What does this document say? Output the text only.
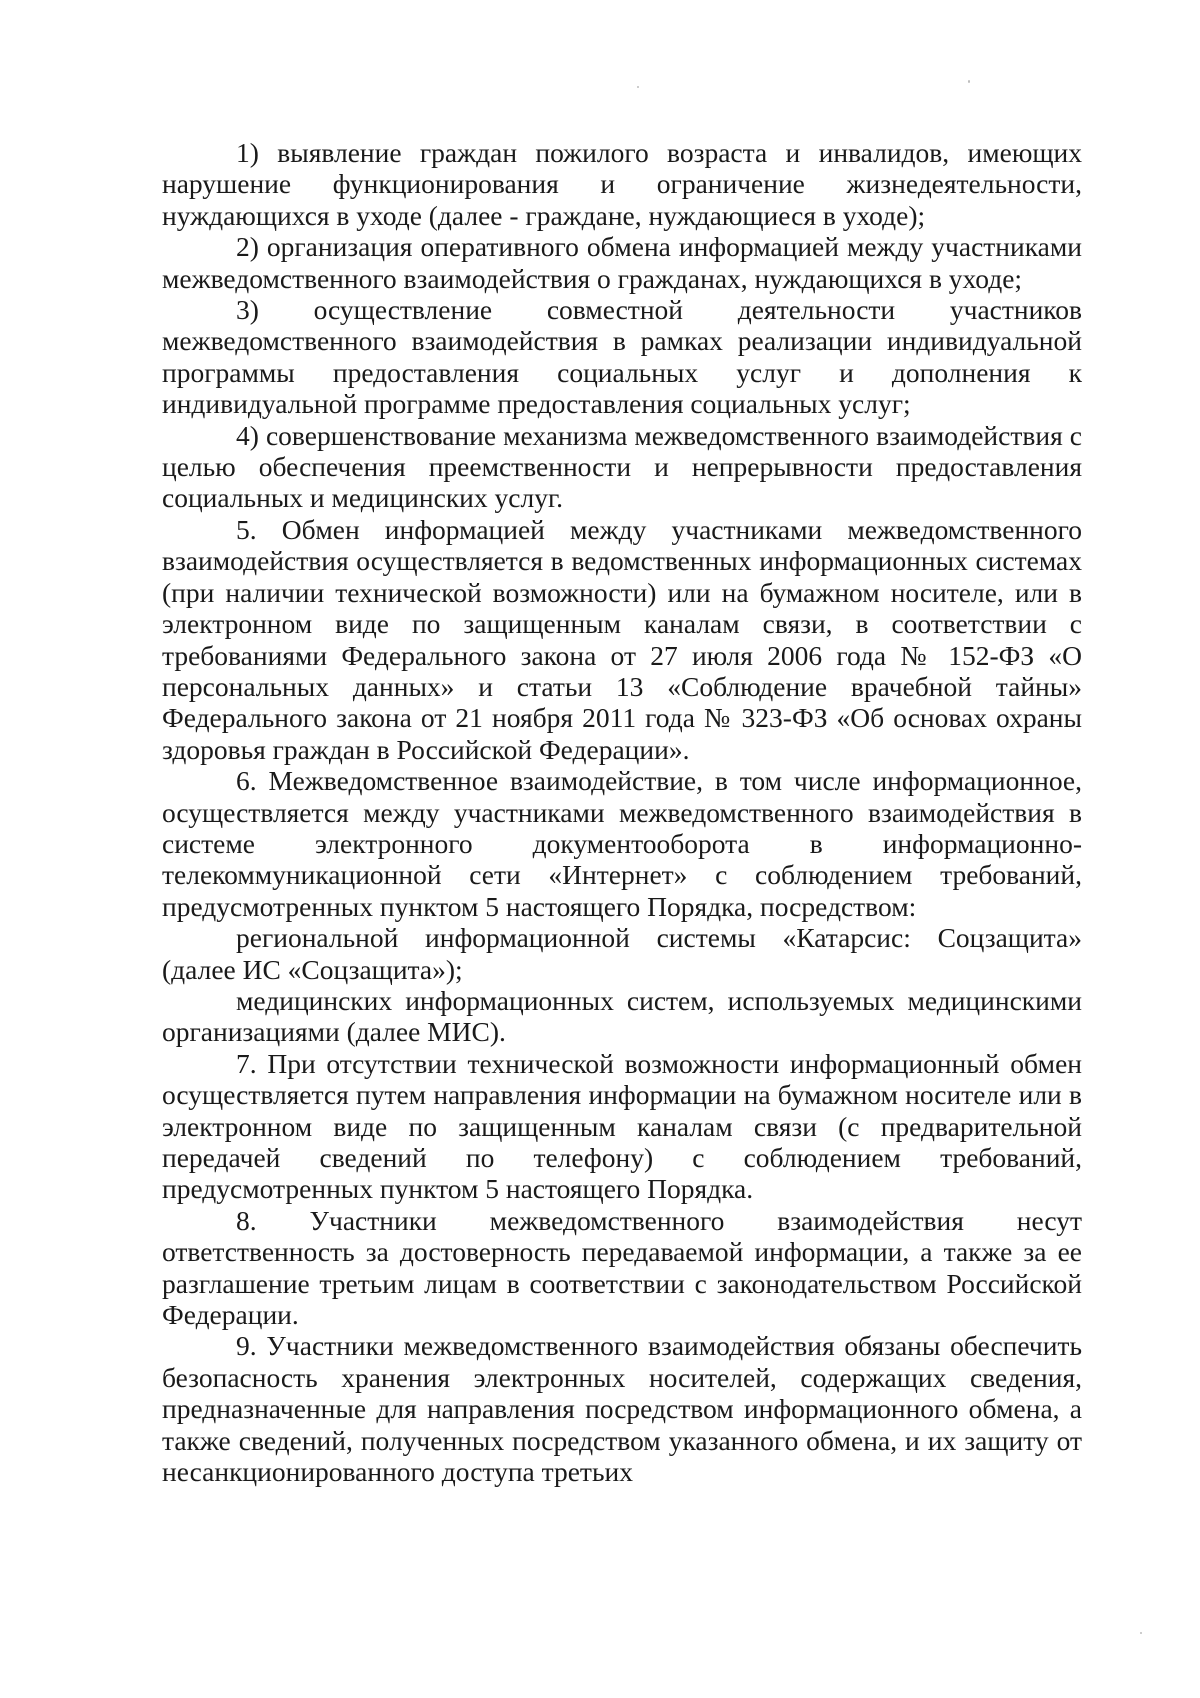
1) выявление граждан пожилого возраста и инвалидов, имеющих нарушение функционирования и ограничение жизнедеятельности, нуждающихся в уходе (далее - граждане, нуждающиеся в уходе);

2) организация оперативного обмена информацией между участниками межведомственного взаимодействия о гражданах, нуждающихся в уходе;

3) осуществление совместной деятельности участников межведомственного взаимодействия в рамках реализации индивидуальной программы предоставления социальных услуг и дополнения к индивидуальной программе предоставления социальных услуг;

4) совершенствование механизма межведомственного взаимодействия с целью обеспечения преемственности и непрерывности предоставления социальных и медицинских услуг.

5. Обмен информацией между участниками межведомственного взаимодействия осуществляется в ведомственных информационных системах (при наличии технической возможности) или на бумажном носителе, или в электронном виде по защищенным каналам связи, в соответствии с требованиями Федерального закона от 27 июля 2006 года № 152-ФЗ «О персональных данных» и статьи 13 «Соблюдение врачебной тайны» Федерального закона от 21 ноября 2011 года № 323-ФЗ «Об основах охраны здоровья граждан в Российской Федерации».

6. Межведомственное взаимодействие, в том числе информационное, осуществляется между участниками межведомственного взаимодействия в системе электронного документооборота в информационно-телекоммуникационной сети «Интернет» с соблюдением требований, предусмотренных пунктом 5 настоящего Порядка, посредством:

региональной информационной системы «Катарсис: Соцзащита» (далее ИС «Соцзащита»);

медицинских информационных систем, используемых медицинскими организациями (далее МИС).

7. При отсутствии технической возможности информационный обмен осуществляется путем направления информации на бумажном носителе или в электронном виде по защищенным каналам связи (с предварительной передачей сведений по телефону) с соблюдением требований, предусмотренных пунктом 5 настоящего Порядка.

8. Участники межведомственного взаимодействия несут ответственность за достоверность передаваемой информации, а также за ее разглашение третьим лицам в соответствии с законодательством Российской Федерации.

9. Участники межведомственного взаимодействия обязаны обеспечить безопасность хранения электронных носителей, содержащих сведения, предназначенные для направления посредством информационного обмена, а также сведений, полученных посредством указанного обмена, и их защиту от несанкционированного доступа третьих
